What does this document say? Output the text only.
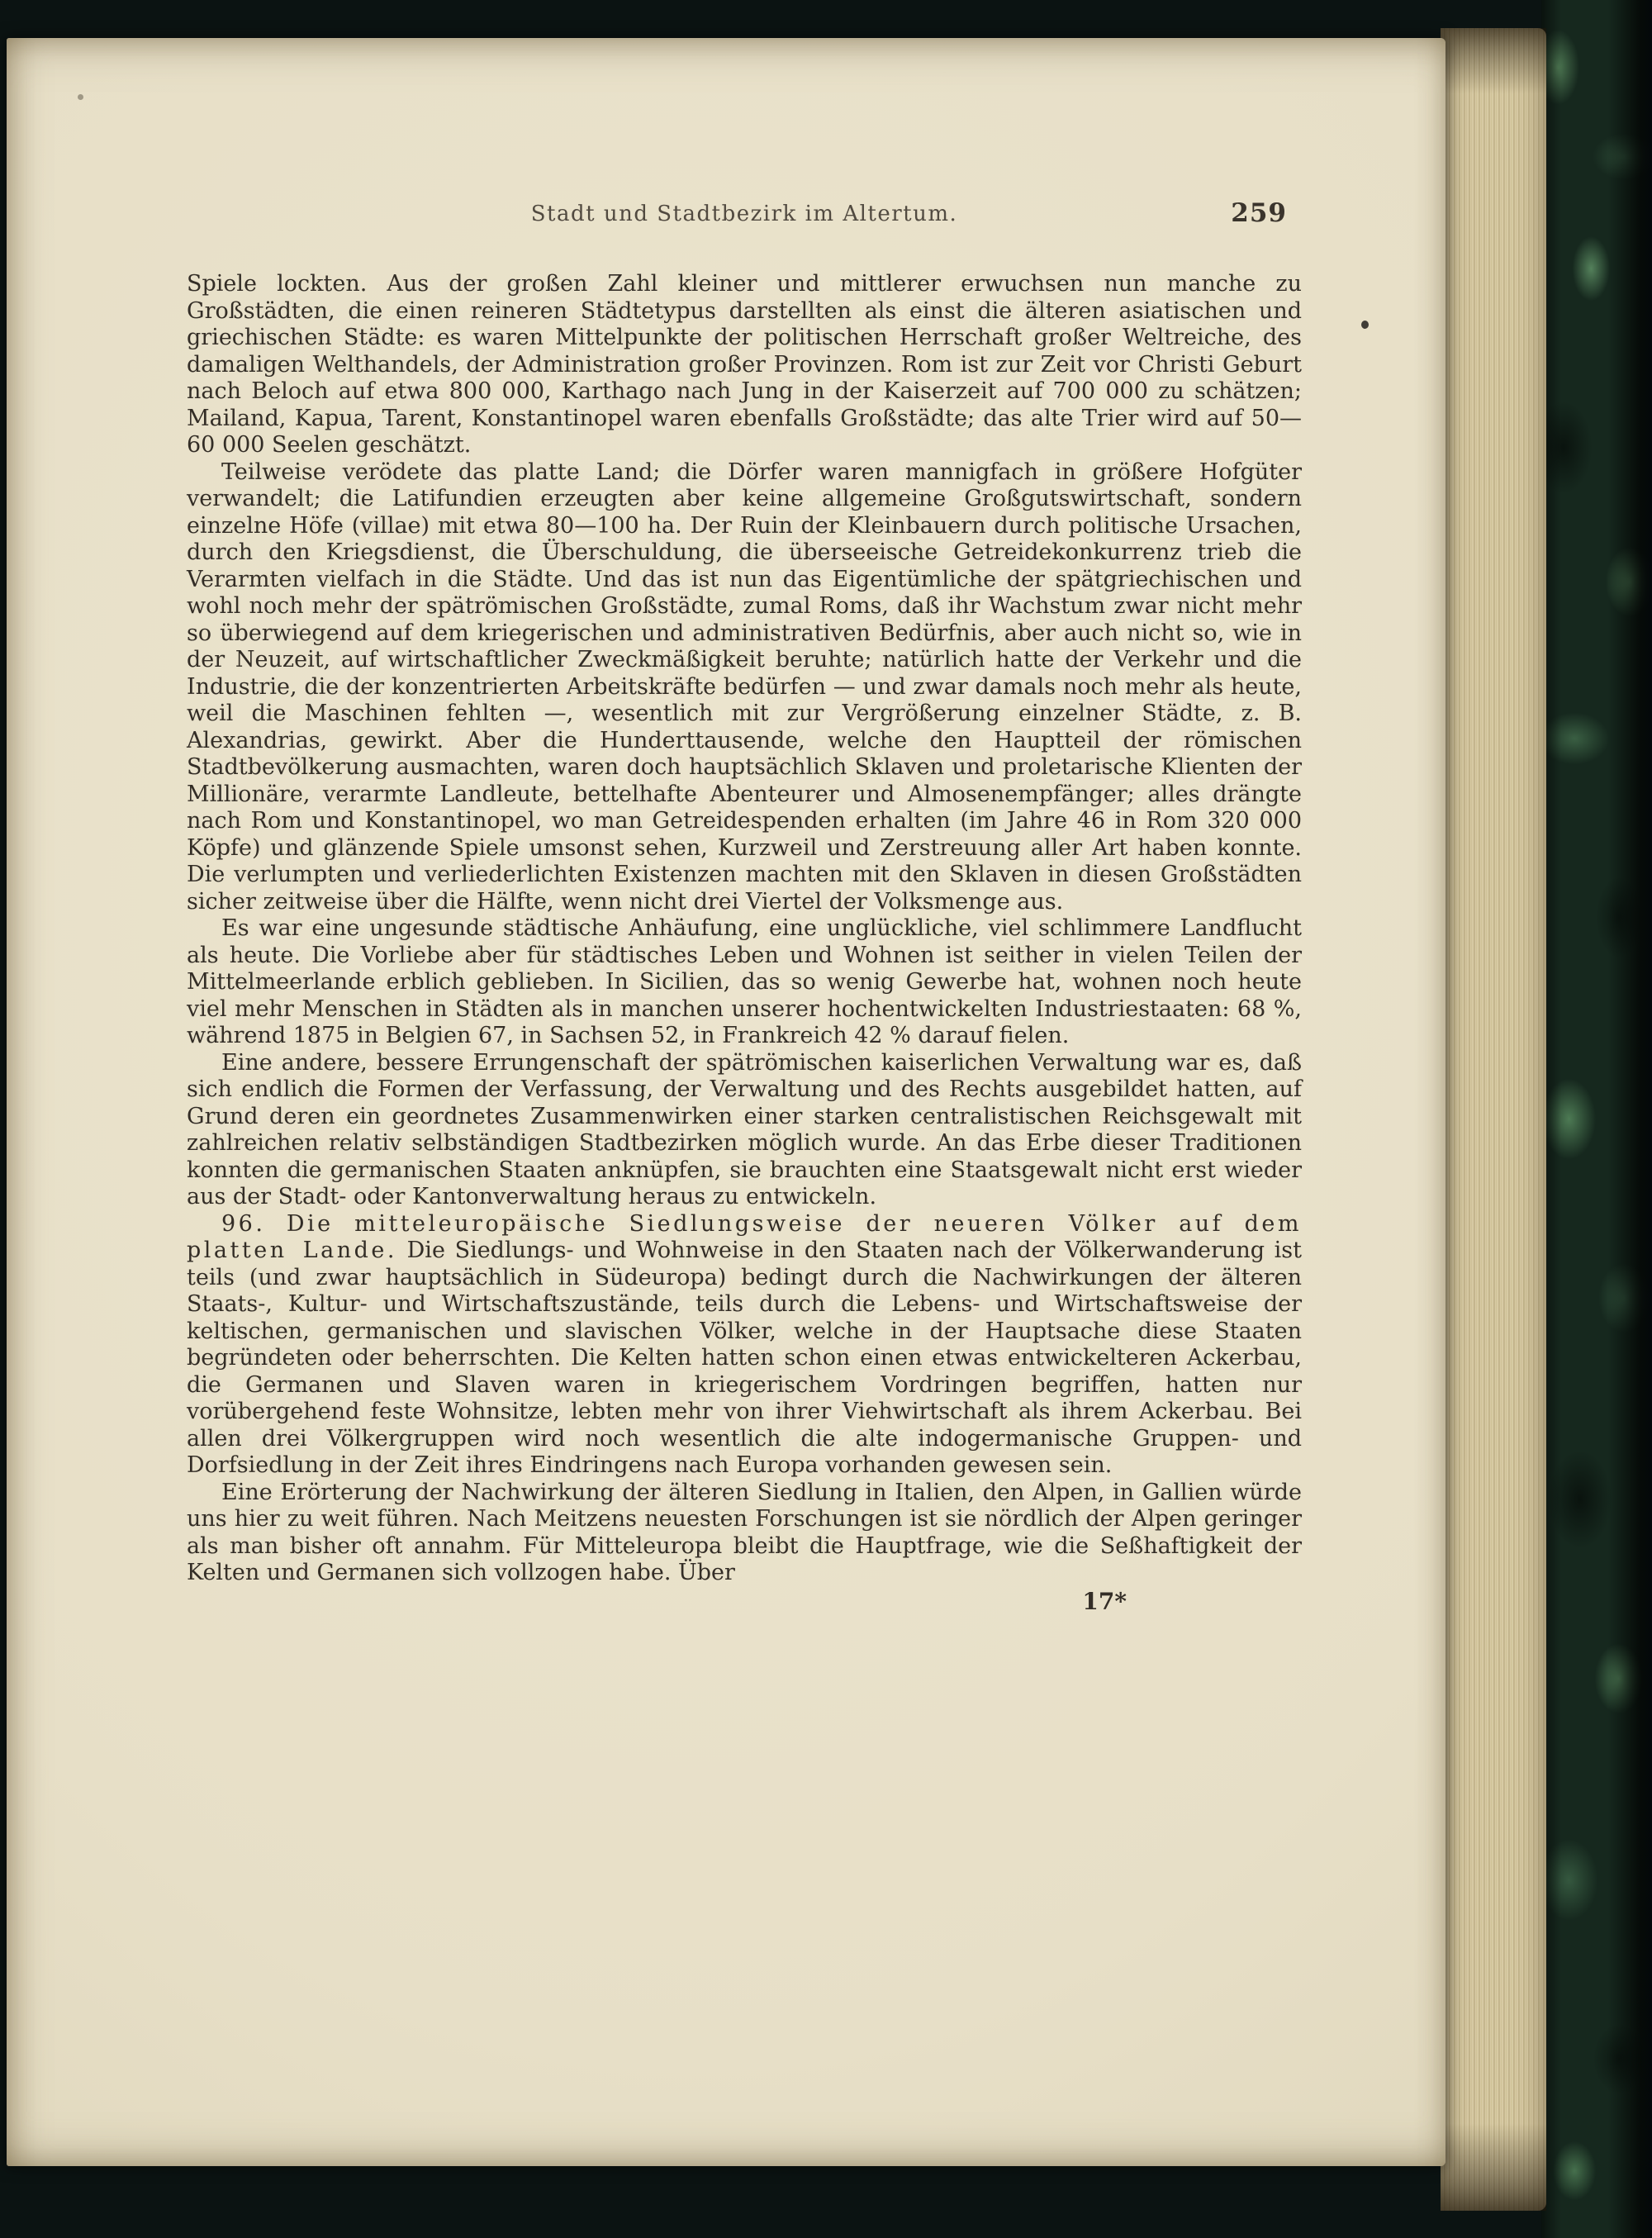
Stadt und Stadtbezirk im Altertum.	259

Spiele lockten. Aus der großen Zahl kleiner und mittlerer erwuchsen nun manche zu Großstädten, die einen reineren Städtetypus darstellten als einst die älteren asiatischen und griechischen Städte: es waren Mittelpunkte der politischen Herrschaft großer Weltreiche, des damaligen Welthandels, der Administration großer Provinzen. Rom ist zur Zeit vor Christi Geburt nach Beloch auf etwa 800 000, Karthago nach Jung in der Kaiserzeit auf 700 000 zu schätzen; Mailand, Kapua, Tarent, Konstantinopel waren ebenfalls Großstädte; das alte Trier wird auf 50—60 000 Seelen geschätzt.

Teilweise verödete das platte Land; die Dörfer waren mannigfach in größere Hofgüter verwandelt; die Latifundien erzeugten aber keine allgemeine Großgutswirtschaft, sondern einzelne Höfe (villae) mit etwa 80—100 ha. Der Ruin der Kleinbauern durch politische Ursachen, durch den Kriegsdienst, die Überschuldung, die überseeische Getreidekonkurrenz trieb die Verarmten vielfach in die Städte. Und das ist nun das Eigentümliche der spätgriechischen und wohl noch mehr der spätrömischen Großstädte, zumal Roms, daß ihr Wachstum zwar nicht mehr so überwiegend auf dem kriegerischen und administrativen Bedürfnis, aber auch nicht so, wie in der Neuzeit, auf wirtschaftlicher Zweckmäßigkeit beruhte; natürlich hatte der Verkehr und die Industrie, die der konzentrierten Arbeitskräfte bedürfen — und zwar damals noch mehr als heute, weil die Maschinen fehlten —, wesentlich mit zur Vergrößerung einzelner Städte, z. B. Alexandrias, gewirkt. Aber die Hunderttausende, welche den Hauptteil der römischen Stadtbevölkerung ausmachten, waren doch hauptsächlich Sklaven und proletarische Klienten der Millionäre, verarmte Landleute, bettelhafte Abenteurer und Almosenempfänger; alles drängte nach Rom und Konstantinopel, wo man Getreidespenden erhalten (im Jahre 46 in Rom 320 000 Köpfe) und glänzende Spiele umsonst sehen, Kurzweil und Zerstreuung aller Art haben konnte. Die verlumpten und verliederlichten Existenzen machten mit den Sklaven in diesen Großstädten sicher zeitweise über die Hälfte, wenn nicht drei Viertel der Volksmenge aus.

Es war eine ungesunde städtische Anhäufung, eine unglückliche, viel schlimmere Landflucht als heute. Die Vorliebe aber für städtisches Leben und Wohnen ist seither in vielen Teilen der Mittelmeerlande erblich geblieben. In Sicilien, das so wenig Gewerbe hat, wohnen noch heute viel mehr Menschen in Städten als in manchen unserer hochentwickelten Industriestaaten: 68 %, während 1875 in Belgien 67, in Sachsen 52, in Frankreich 42 % darauf fielen.

Eine andere, bessere Errungenschaft der spätrömischen kaiserlichen Verwaltung war es, daß sich endlich die Formen der Verfassung, der Verwaltung und des Rechts ausgebildet hatten, auf Grund deren ein geordnetes Zusammenwirken einer starken centralistischen Reichsgewalt mit zahlreichen relativ selbständigen Stadtbezirken möglich wurde. An das Erbe dieser Traditionen konnten die germanischen Staaten anknüpfen, sie brauchten eine Staatsgewalt nicht erst wieder aus der Stadt- oder Kantonverwaltung heraus zu entwickeln.

96. Die mitteleuropäische Siedlungsweise der neueren Völker auf dem platten Lande. Die Siedlungs- und Wohnweise in den Staaten nach der Völkerwanderung ist teils (und zwar hauptsächlich in Südeuropa) bedingt durch die Nachwirkungen der älteren Staats-, Kultur- und Wirtschaftszustände, teils durch die Lebens- und Wirtschaftsweise der keltischen, germanischen und slavischen Völker, welche in der Hauptsache diese Staaten begründeten oder beherrschten. Die Kelten hatten schon einen etwas entwickelteren Ackerbau, die Germanen und Slaven waren in kriegerischem Vordringen begriffen, hatten nur vorübergehend feste Wohnsitze, lebten mehr von ihrer Viehwirtschaft als ihrem Ackerbau. Bei allen drei Völkergruppen wird noch wesentlich die alte indogermanische Gruppen- und Dorfsiedlung in der Zeit ihres Eindringens nach Europa vorhanden gewesen sein.

Eine Erörterung der Nachwirkung der älteren Siedlung in Italien, den Alpen, in Gallien würde uns hier zu weit führen. Nach Meitzens neuesten Forschungen ist sie nördlich der Alpen geringer als man bisher oft annahm. Für Mitteleuropa bleibt die Hauptfrage, wie die Seßhaftigkeit der Kelten und Germanen sich vollzogen habe. Über

17*
